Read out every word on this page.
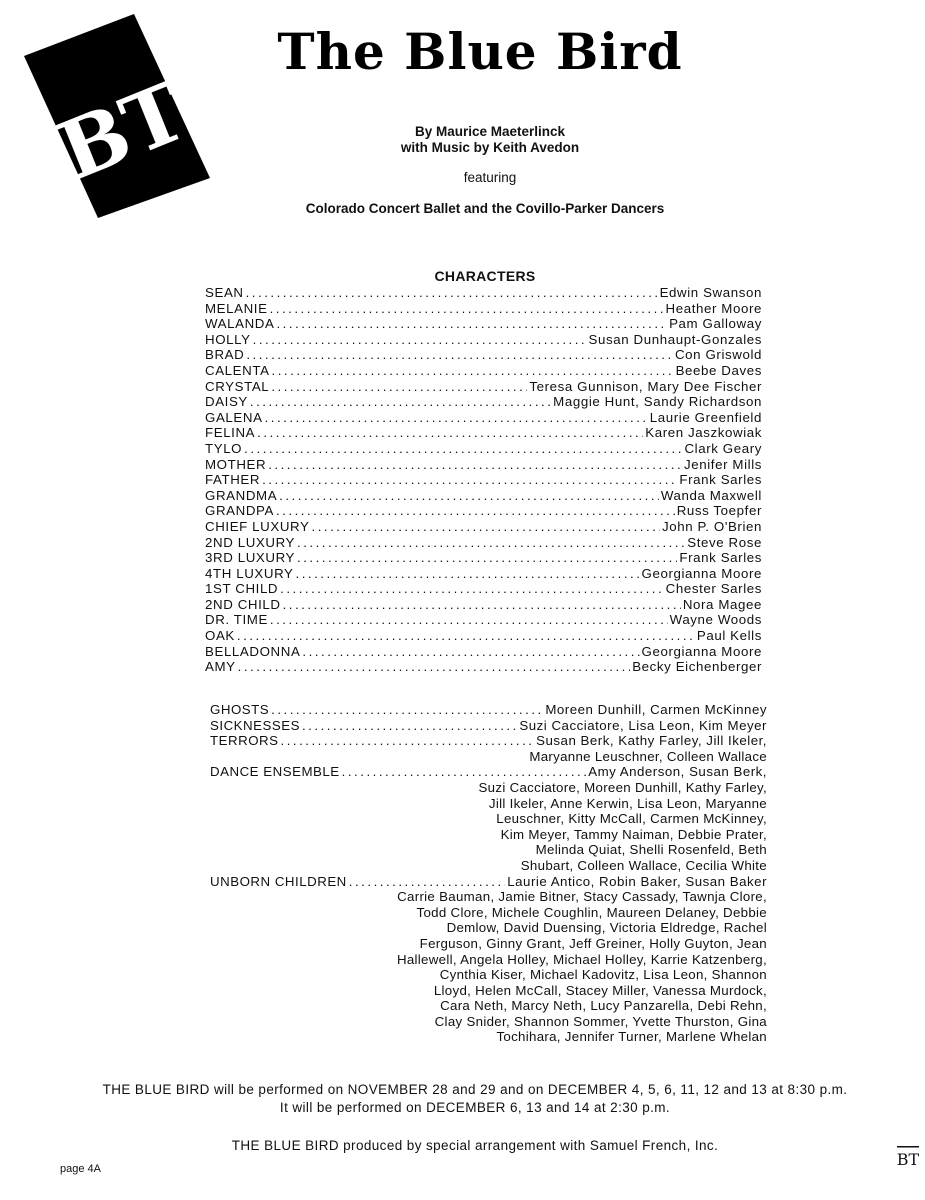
BT
The Blue Bird
By Maurice Maeterlinck
with Music by Keith Avedon
featuring
Colorado Concert Ballet and the Covillo-Parker Dancers
CHARACTERS
SEAN .....	Edwin Swanson
MELANIE .....	Heather Moore
WALANDA .....	Pam Galloway
HOLLY .....	Susan Dunhaupt-Gonzales
BRAD .....	Con Griswold
CALENTA .....	Beebe Daves
CRYSTAL .....	Teresa Gunnison, Mary Dee Fischer
DAISY .....	Maggie Hunt, Sandy Richardson
GALENA .....	Laurie Greenfield
FELINA .....	Karen Jaszkowiak
TYLO .....	Clark Geary
MOTHER .....	Jenifer Mills
FATHER .....	Frank Sarles
GRANDMA .....	Wanda Maxwell
GRANDPA .....	Russ Toepfer
CHIEF LUXURY .....	John P. O'Brien
2ND LUXURY .....	Steve Rose
3RD LUXURY .....	Frank Sarles
4TH LUXURY .....	Georgianna Moore
1ST CHILD .....	Chester Sarles
2ND CHILD .....	Nora Magee
DR. TIME .....	Wayne Woods
OAK .....	Paul Kells
BELLADONNA .....	Georgianna Moore
AMY .....	Becky Eichenberger
GHOSTS .....	Moreen Dunhill, Carmen McKinney
SICKNESSES .....	Suzi Cacciatore, Lisa Leon, Kim Meyer
TERRORS .....	Susan Berk, Kathy Farley, Jill Ikeler,
Maryanne Leuschner, Colleen Wallace
DANCE ENSEMBLE .....	Amy Anderson, Susan Berk,
Suzi Cacciatore, Moreen Dunhill, Kathy Farley,
Jill Ikeler, Anne Kerwin, Lisa Leon, Maryanne
Leuschner, Kitty McCall, Carmen McKinney,
Kim Meyer, Tammy Naiman, Debbie Prater,
Melinda Quiat, Shelli Rosenfeld, Beth
Shubart, Colleen Wallace, Cecilia White
UNBORN CHILDREN .....	Laurie Antico, Robin Baker, Susan Baker
Carrie Bauman, Jamie Bitner, Stacy Cassady, Tawnja Clore,
Todd Clore, Michele Coughlin, Maureen Delaney, Debbie
Demlow, David Duensing, Victoria Eldredge, Rachel
Ferguson, Ginny Grant, Jeff Greiner, Holly Guyton, Jean
Hallewell, Angela Holley, Michael Holley, Karrie Katzenberg,
Cynthia Kiser, Michael Kadovitz, Lisa Leon, Shannon
Lloyd, Helen McCall, Stacey Miller, Vanessa Murdock,
Cara Neth, Marcy Neth, Lucy Panzarella, Debi Rehn,
Clay Snider, Shannon Sommer, Yvette Thurston, Gina
Tochihara, Jennifer Turner, Marlene Whelan
THE BLUE BIRD will be performed on NOVEMBER 28 and 29 and on DECEMBER 4, 5, 6, 11, 12 and 13 at 8:30 p.m.
It will be performed on DECEMBER 6, 13 and 14 at 2:30 p.m.
THE BLUE BIRD produced by special arrangement with Samuel French, Inc.
page 4A	BT
